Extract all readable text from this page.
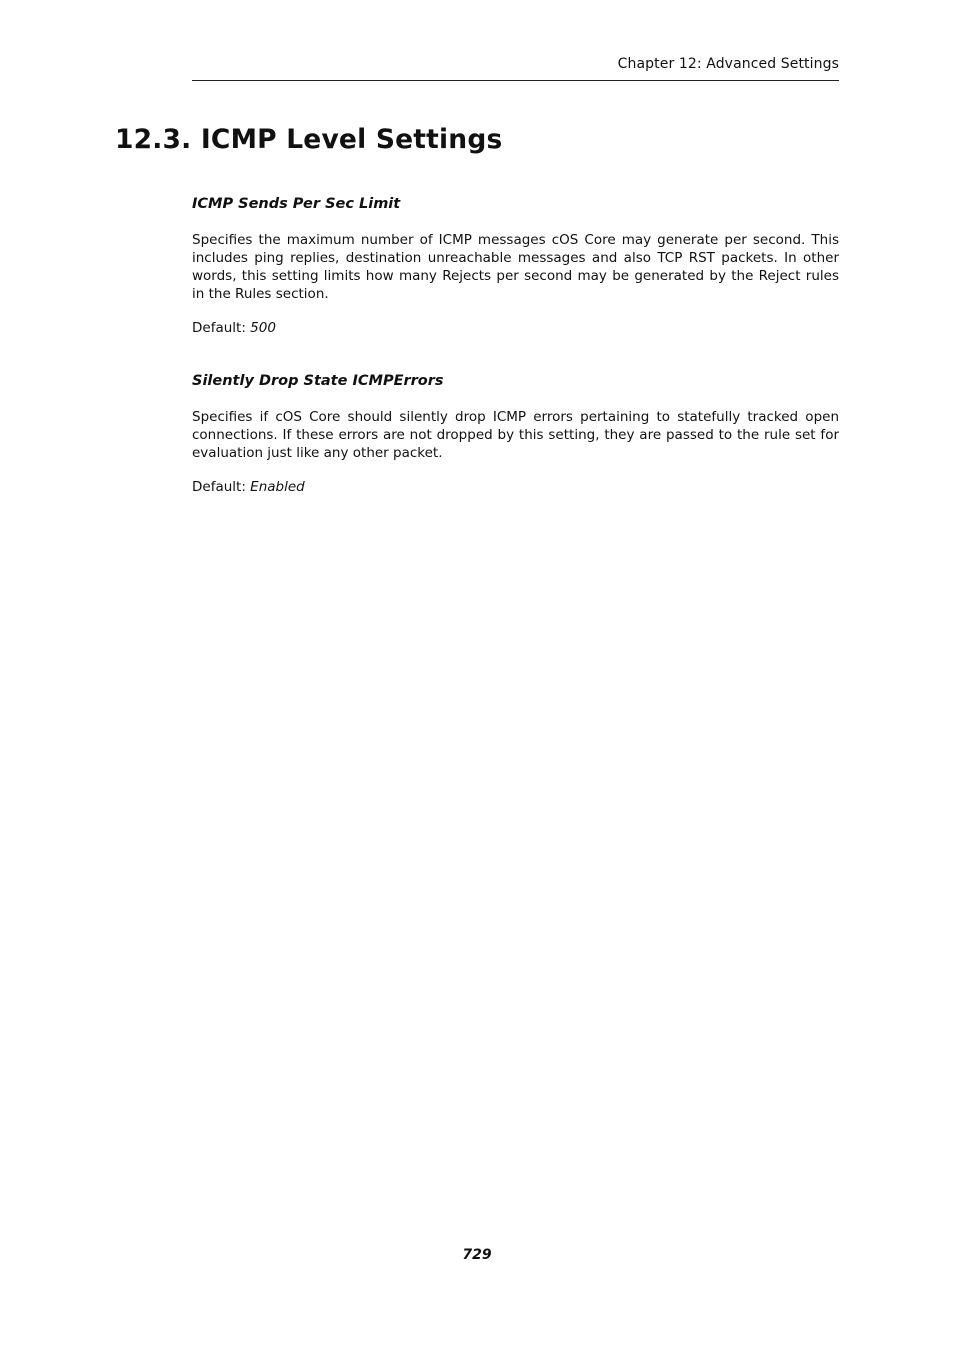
Chapter 12: Advanced Settings
12.3. ICMP Level Settings
ICMP Sends Per Sec Limit

Specifies the maximum number of ICMP messages cOS Core may generate per second. This includes ping replies, destination unreachable messages and also TCP RST packets. In other words, this setting limits how many Rejects per second may be generated by the Reject rules in the Rules section.

Default: 500

Silently Drop State ICMPErrors

Specifies if cOS Core should silently drop ICMP errors pertaining to statefully tracked open connections. If these errors are not dropped by this setting, they are passed to the rule set for evaluation just like any other packet.

Default: Enabled

729
